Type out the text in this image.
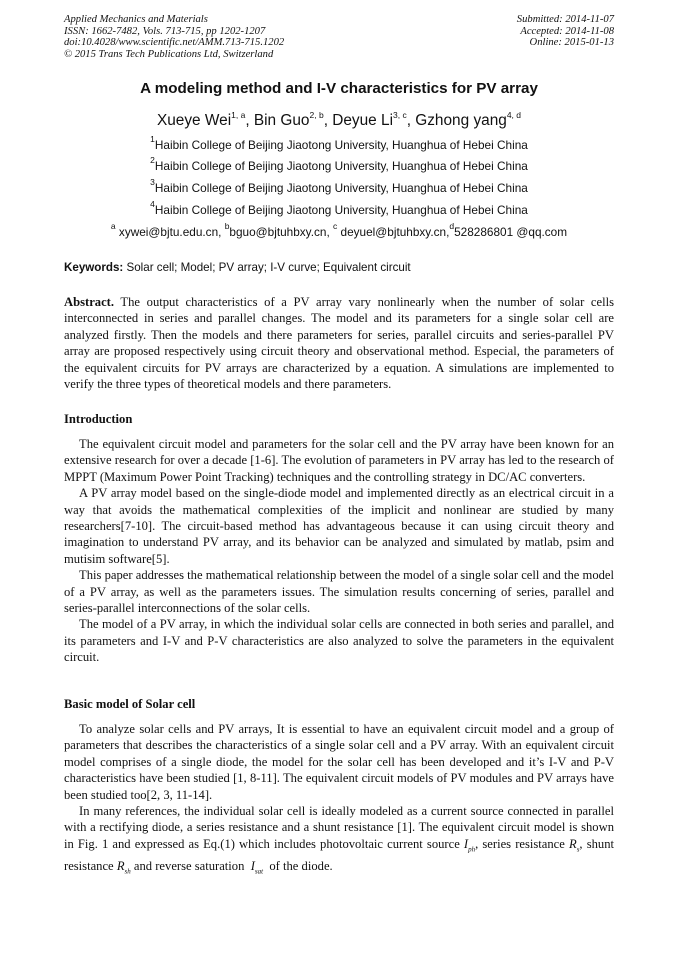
Applied Mechanics and Materials
ISSN: 1662-7482, Vols. 713-715, pp 1202-1207
doi:10.4028/www.scientific.net/AMM.713-715.1202
© 2015 Trans Tech Publications Ltd, Switzerland
Submitted: 2014-11-07
Accepted: 2014-11-08
Online: 2015-01-13
A modeling method and I-V characteristics for PV array
Xueye Wei$^{1, a}$, Bin Guo$^{2, b}$, Deyue Li$^{3, c}$, Gzhong yang$^{4, d}$
$^1$Haibin College of Beijing Jiaotong University, Huanghua of Hebei China
$^2$Haibin College of Beijing Jiaotong University, Huanghua of Hebei China
$^3$Haibin College of Beijing Jiaotong University, Huanghua of Hebei China
$^4$Haibin College of Beijing Jiaotong University, Huanghua of Hebei China
$^a$ xywei@bjtu.edu.cn, $^b$bguo@bjtuhbxy.cn, $^c$ deyuel@bjtuhbxy.cn,$^d$528286801 @qq.com
Keywords: Solar cell; Model; PV array; I-V curve; Equivalent circuit

Abstract. The output characteristics of a PV array vary nonlinearly when the number of solar cells interconnected in series and parallel changes. The model and its parameters for a single solar cell are analyzed firstly. Then the models and there parameters for series, parallel circuits and series-parallel PV array are proposed respectively using circuit theory and observational method. Especial, the parameters of the equivalent circuits for PV arrays are characterized by a equation. A simulations are implemented to verify the three types of theoretical models and there parameters.

Introduction

The equivalent circuit model and parameters for the solar cell and the PV array have been known for an extensive research for over a decade [1-6]. The evolution of parameters in PV array has led to the research of MPPT (Maximum Power Point Tracking) techniques and the controlling strategy in DC/AC converters.

A PV array model based on the single-diode model and implemented directly as an electrical circuit in a way that avoids the mathematical complexities of the implicit and nonlinear are studied by many researchers[7-10]. The circuit-based method has advantageous because it can using circuit theory and imagination to understand PV array, and its behavior can be analyzed and simulated by matlab, psim and mutisim software[5].

This paper addresses the mathematical relationship between the model of a single solar cell and the model of a PV array, as well as the parameters issues. The simulation results concerning of series, parallel and series-parallel interconnections of the solar cells.

The model of a PV array, in which the individual solar cells are connected in both series and parallel, and its parameters and I-V and P-V characteristics are also analyzed to solve the parameters in the equivalent circuit.

Basic model of Solar cell

To analyze solar cells and PV arrays, It is essential to have an equivalent circuit model and a group of parameters that describes the characteristics of a single solar cell and a PV array. With an equivalent circuit model comprises of a single diode, the model for the solar cell has been developed and it’s I-V and P-V characteristics have been studied [1, 8-11]. The equivalent circuit models of PV modules and PV arrays have been studied too[2, 3, 11-14].

In many references, the individual solar cell is ideally modeled as a current source connected in parallel with a rectifying diode, a series resistance and a shunt resistance [1]. The equivalent circuit model is shown in Fig. 1 and expressed as Eq.(1) which includes photovoltaic current source $I_{ph}$, series resistance $R_s$, shunt resistance $R_{sh}$ and reverse saturation $I_{sat}$ of the diode.
